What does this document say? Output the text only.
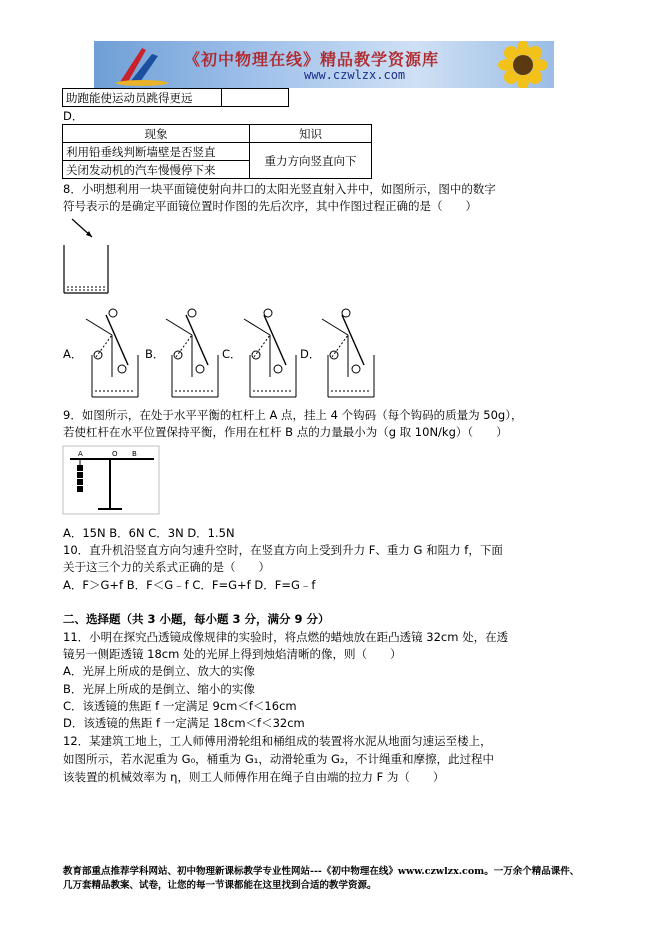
《初中物理在线》精品教学资源库
www.czwlzx.com
助跑能使运动员跳得更远	
D．
现象	知识
利用铅垂线判断墙壁是否竖直	重力方向竖直向下
关闭发动机的汽车慢慢停下来	
8．小明想利用一块平面镜使射向井口的太阳光竖直射入井中，如图所示，图中的数字
符号表示的是确定平面镜位置时作图的先后次序，其中作图过程正确的是（　　）
A．	B．	C．	D．
9．如图所示，在处于水平平衡的杠杆上 A 点，挂上 4 个钩码（每个钩码的质量为 50g），
若使杠杆在水平位置保持平衡，作用在杠杆 B 点的力量最小为（g 取 10N/kg）（　　）
A	B
O
A．15N B．6N C．3N D．1.5N
10．直升机沿竖直方向匀速升空时，在竖直方向上受到升力 F、重力 G 和阻力 f，下面
关于这三个力的关系式正确的是（　　）
A．F＞G+f B．F＜G﹣f C．F=G+f D．F=G﹣f
二、选择题（共 3 小题，每小题 3 分，满分 9 分）
11．小明在探究凸透镜成像规律的实验时，将点燃的蜡烛放在距凸透镜 32cm 处，在透
镜另一侧距透镜 18cm 处的光屏上得到烛焰清晰的像，则（　　）
A．光屏上所成的是倒立、放大的实像
B．光屏上所成的是倒立、缩小的实像
C．该透镜的焦距 f 一定满足 9cm＜f＜16cm
D．该透镜的焦距 f 一定满足 18cm＜f＜32cm
12．某建筑工地上，工人师傅用滑轮组和桶组成的装置将水泥从地面匀速运至楼上，
如图所示，若水泥重为 G₀，桶重为 G₁，动滑轮重为 G₂，不计绳重和摩擦，此过程中
该装置的机械效率为 η，则工人师傅作用在绳子自由端的拉力 F 为（　　）
教育部重点推荐学科网站、初中物理新课标教学专业性网站---《初中物理在线》www.czwlzx.com。一万余个精品课件、
几万套精品教案、试卷，让您的每一节课都能在这里找到合适的教学资源。
